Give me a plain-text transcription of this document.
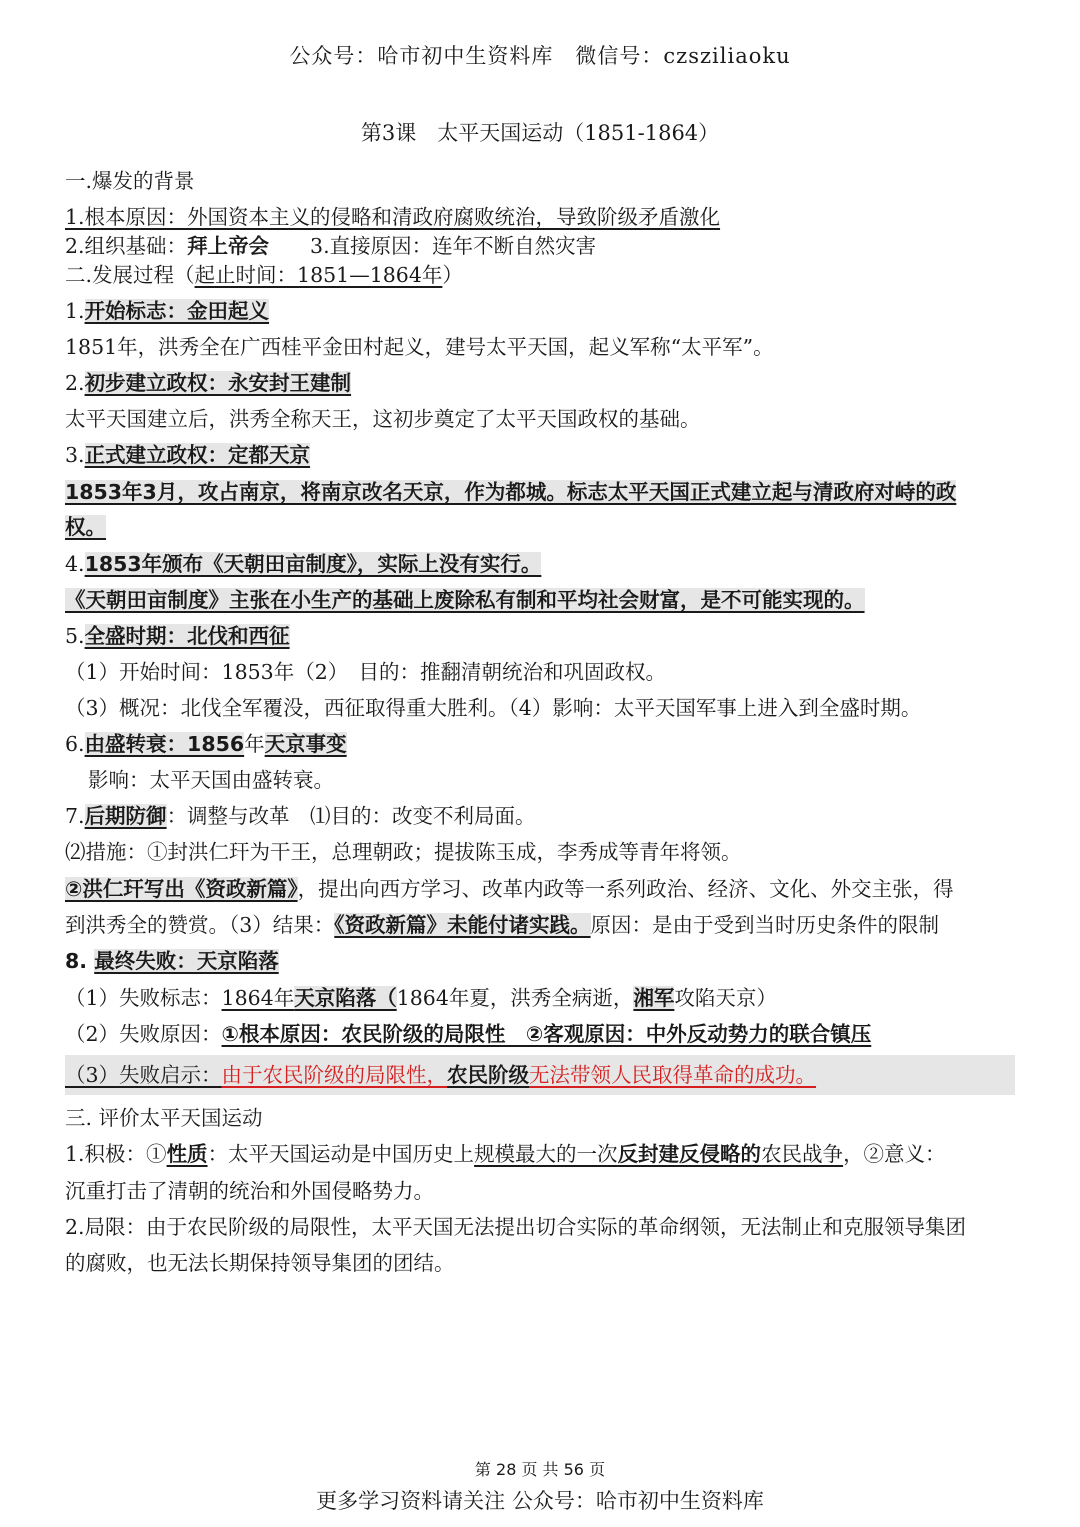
公众号：哈市初中生资料库　微信号：czsziliaoku
第3课　太平天国运动（1851-1864）
一.爆发的背景
1.根本原因：外国资本主义的侵略和清政府腐败统治，导致阶级矛盾激化
2.组织基础：拜上帝会　　3.直接原因：连年不断自然灾害
二.发展过程（起止时间：1851—1864年）
1.开始标志：金田起义
1851年，洪秀全在广西桂平金田村起义，建号太平天国，起义军称“太平军”。
2.初步建立政权：永安封王建制
太平天国建立后，洪秀全称天王，这初步奠定了太平天国政权的基础。
3.正式建立政权：定都天京
1853年3月，攻占南京，将南京改名天京，作为都城。标志太平天国正式建立起与清政府对峙的政
权。
4.1853年颁布《天朝田亩制度》，实际上没有实行。
《天朝田亩制度》主张在小生产的基础上废除私有制和平均社会财富，是不可能实现的。
5.全盛时期：北伐和西征
（1）开始时间：1853年（2）　目的：推翻清朝统治和巩固政权。
（3）概况：北伐全军覆没，西征取得重大胜利。（4）影响：太平天国军事上进入到全盛时期。
6.由盛转衰：1856年天京事变
影响：太平天国由盛转衰。
7.后期防御：调整与改革　⑴目的：改变不利局面。
⑵措施：①封洪仁玕为干王，总理朝政；提拔陈玉成，李秀成等青年将领。
②洪仁玕写出《资政新篇》，提出向西方学习、改革内政等一系列政治、经济、文化、外交主张，得
到洪秀全的赞赏。（3）结果：《资政新篇》未能付诸实践。原因：是由于受到当时历史条件的限制
8. 最终失败：天京陷落
（1）失败标志：1864年天京陷落（1864年夏，洪秀全病逝，湘军攻陷天京）
（2）失败原因：①根本原因：农民阶级的局限性　②客观原因：中外反动势力的联合镇压
（3）失败启示：由于农民阶级的局限性，农民阶级无法带领人民取得革命的成功。
三. 评价太平天国运动
1.积极：①性质：太平天国运动是中国历史上规模最大的一次反封建反侵略的农民战争，②意义：
沉重打击了清朝的统治和外国侵略势力。
2.局限：由于农民阶级的局限性，太平天国无法提出切合实际的革命纲领，无法制止和克服领导集团
的腐败，也无法长期保持领导集团的团结。
第 28 页 共 56 页
更多学习资料请关注 公众号：哈市初中生资料库
